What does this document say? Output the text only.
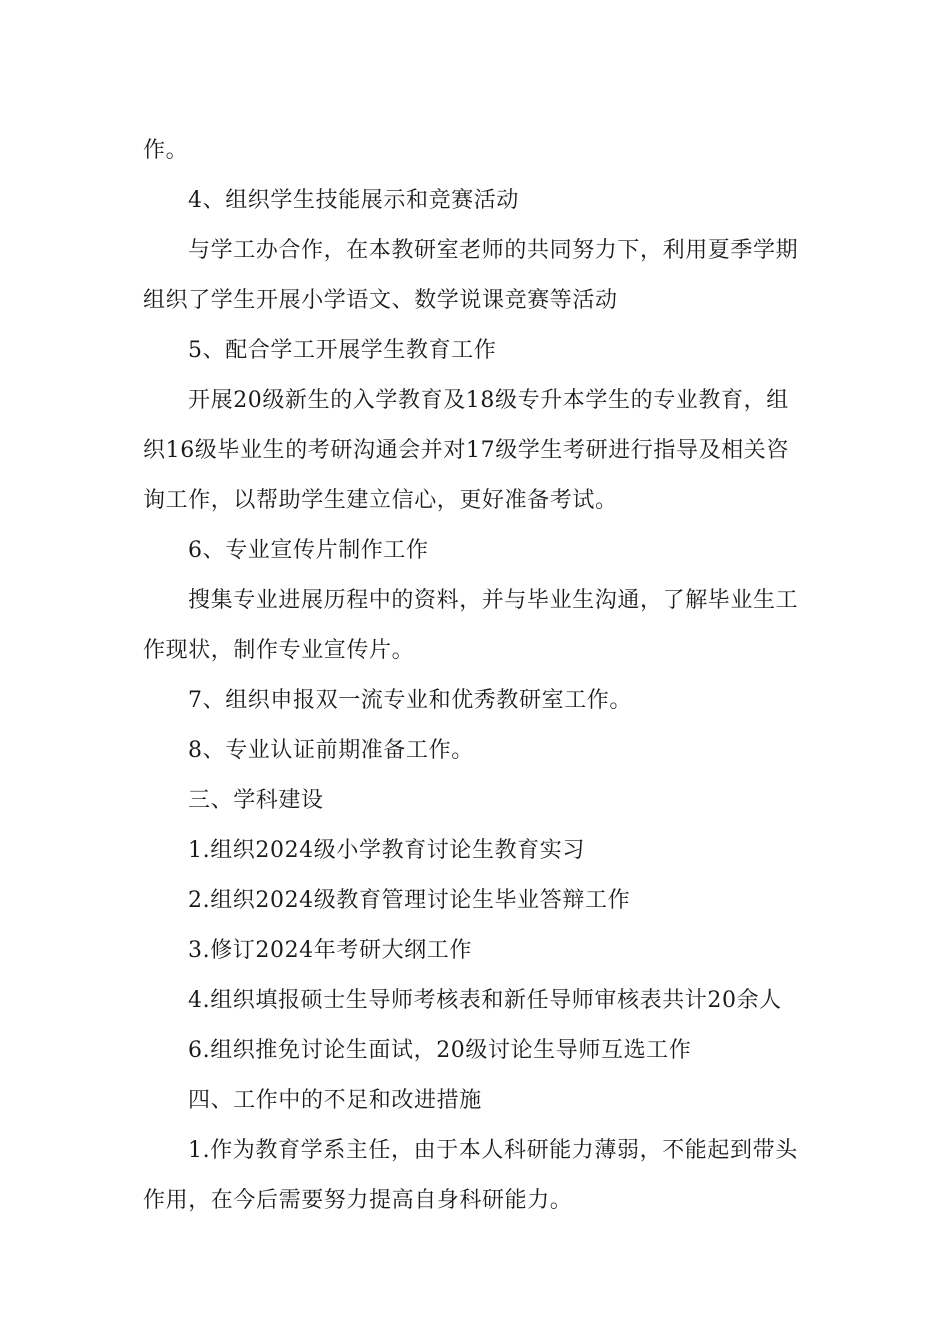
作。
4、组织学生技能展示和竞赛活动
与学工办合作，在本教研室老师的共同努力下，利用夏季学期
组织了学生开展小学语文、数学说课竞赛等活动
5、配合学工开展学生教育工作
开展20级新生的入学教育及18级专升本学生的专业教育，组
织16级毕业生的考研沟通会并对17级学生考研进行指导及相关咨
询工作，以帮助学生建立信心，更好准备考试。
6、专业宣传片制作工作
搜集专业进展历程中的资料，并与毕业生沟通，了解毕业生工
作现状，制作专业宣传片。
7、组织申报双一流专业和优秀教研室工作。
8、专业认证前期准备工作。
三、学科建设
1.组织2024级小学教育讨论生教育实习
2.组织2024级教育管理讨论生毕业答辩工作
3.修订2024年考研大纲工作
4.组织填报硕士生导师考核表和新任导师审核表共计20余人
6.组织推免讨论生面试，20级讨论生导师互选工作
四、工作中的不足和改进措施
1.作为教育学系主任，由于本人科研能力薄弱，不能起到带头
作用，在今后需要努力提高自身科研能力。
